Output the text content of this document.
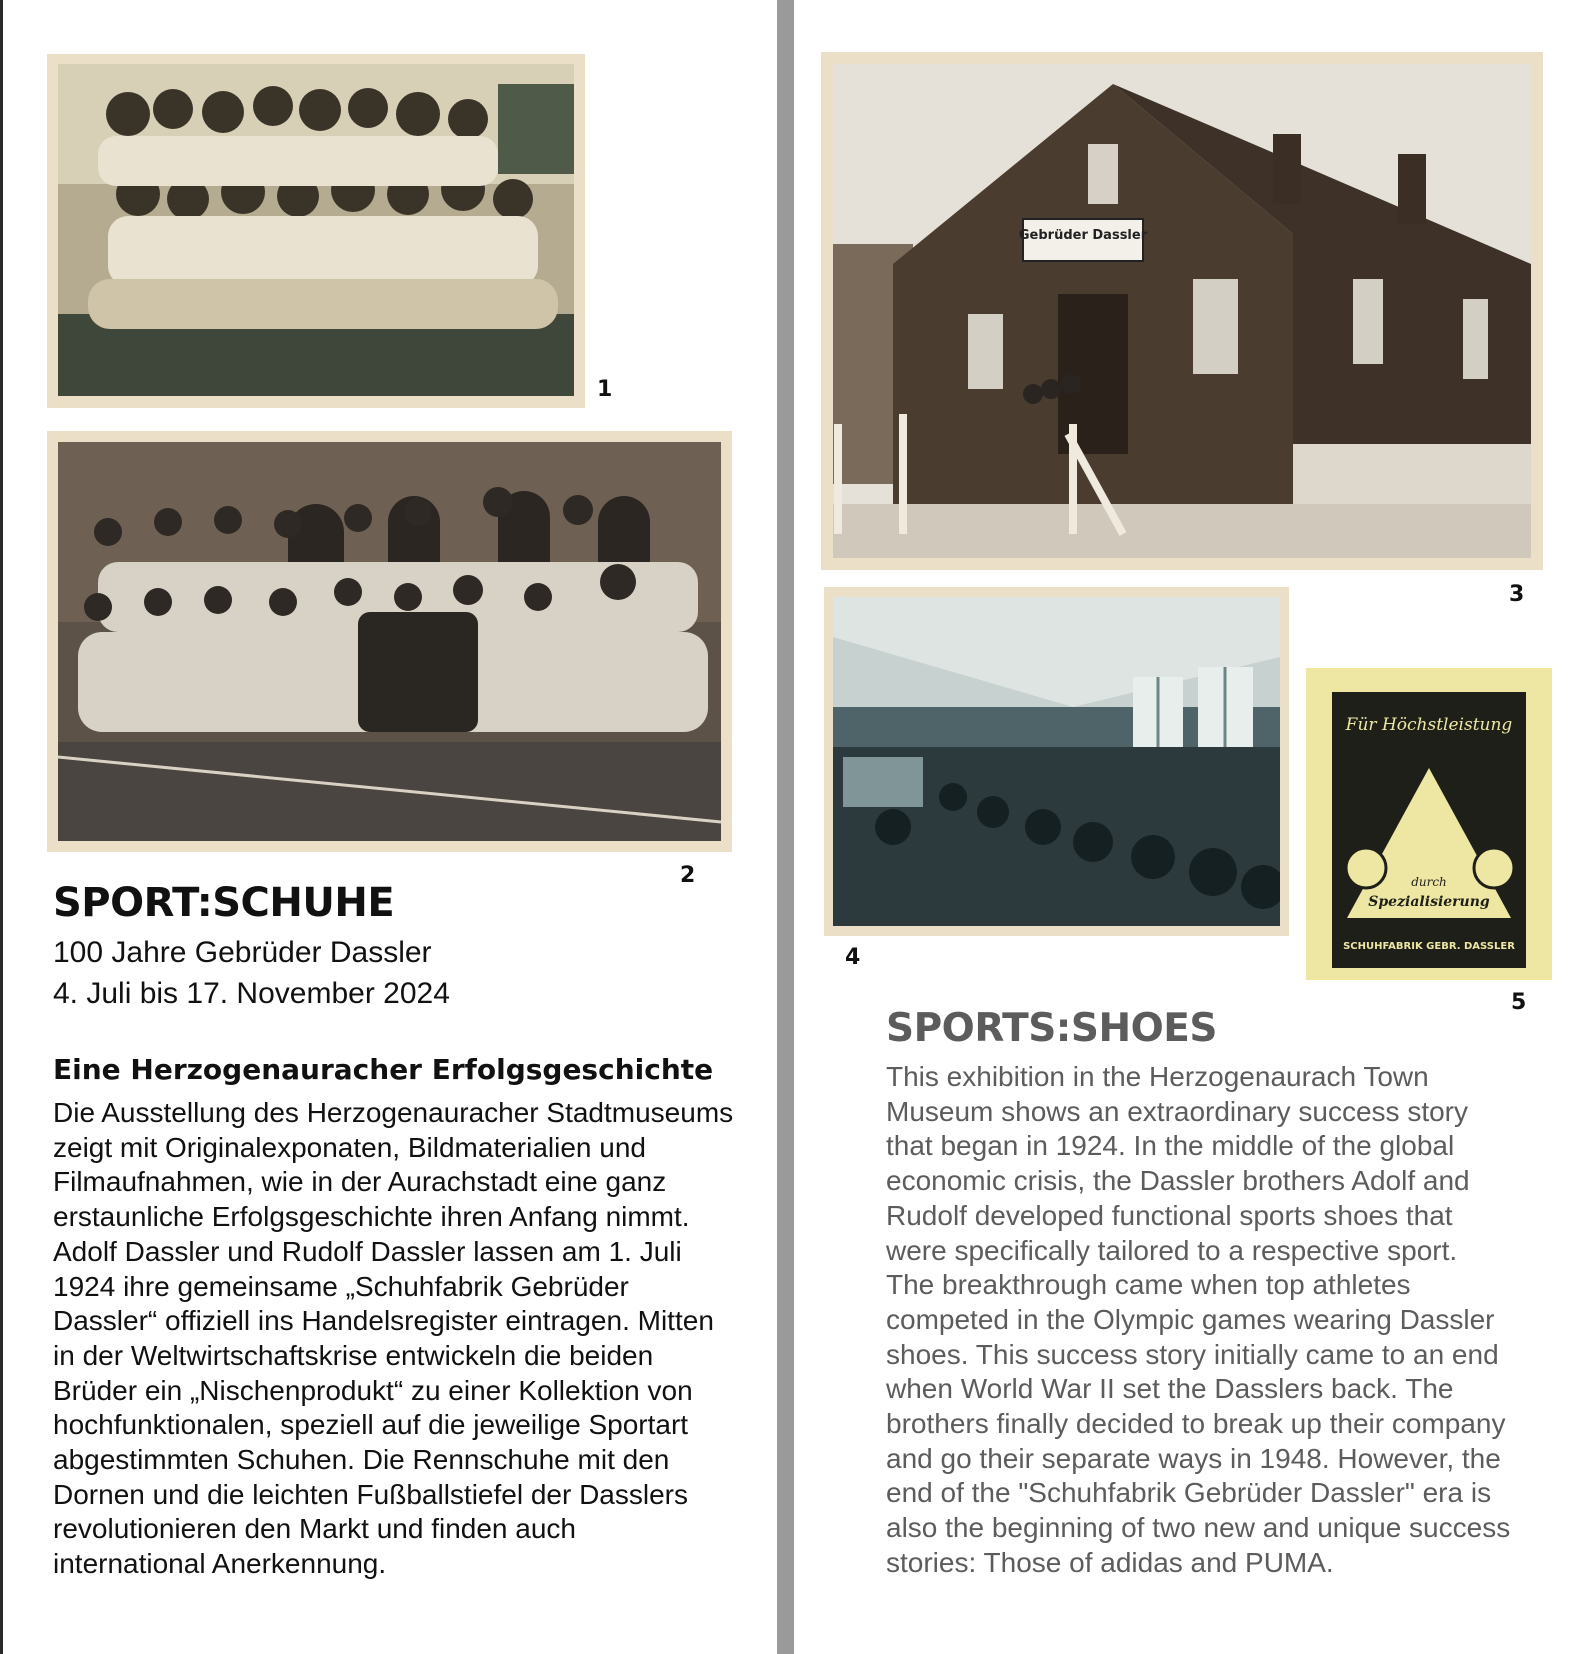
1
2
SPORT:SCHUHE
100 Jahre Gebrüder Dassler
4. Juli bis 17. November 2024
Eine Herzogenauracher Erfolgsgeschichte
Die Ausstellung des Herzogenauracher Stadtmuseums
zeigt mit Originalexponaten, Bildmaterialien und
Filmaufnahmen, wie in der Aurachstadt eine ganz
erstaunliche Erfolgsgeschichte ihren Anfang nimmt.
Adolf Dassler und Rudolf Dassler lassen am 1. Juli
1924 ihre gemeinsame „Schuhfabrik Gebrüder
Dassler“ offiziell ins Handelsregister eintragen. Mitten
in der Weltwirtschaftskrise entwickeln die beiden
Brüder ein „Nischenprodukt“ zu einer Kollektion von
hochfunktionalen, speziell auf die jeweilige Sportart
abgestimmten Schuhen. Die Rennschuhe mit den
Dornen und die leichten Fußballstiefel der Dasslers
revolutionieren den Markt und finden auch
international Anerkennung.
Gebrüder Dassler
3
4
Für Höchstleistung
durch
Spezialisierung
SCHUHFABRIK GEBR. DASSLER
5
SPORTS:SHOES
This exhibition in the Herzogenaurach Town
Museum shows an extraordinary success story
that began in 1924. In the middle of the global
economic crisis, the Dassler brothers Adolf and
Rudolf developed functional sports shoes that
were specifically tailored to a respective sport.
The breakthrough came when top athletes
competed in the Olympic games wearing Dassler
shoes. This success story initially came to an end
when World War II set the Dasslers back. The
brothers finally decided to break up their company
and go their separate ways in 1948. However, the
end of the "Schuhfabrik Gebrüder Dassler" era is
also the beginning of two new and unique success
stories: Those of adidas and PUMA.
